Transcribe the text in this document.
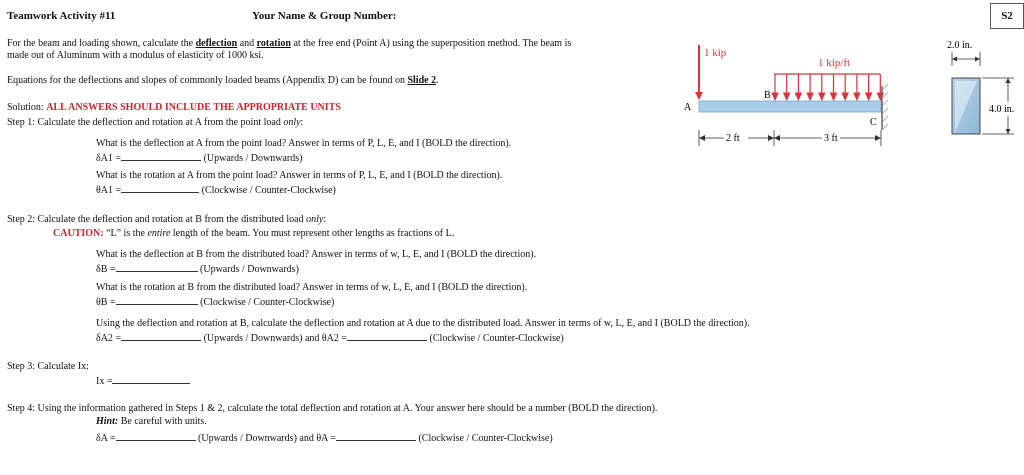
Teamwork Activity #11	Your Name & Group Number:	S2
For the beam and loading shown, calculate the deflection and rotation at the free end (Point A) using the superposition method. The beam is
made out of Aluminum with a modulus of elasticity of 1000 ksi.
Equations for the deflections and slopes of commonly loaded beams (Appendix D) can be found on Slide 2.
Solution: ALL ANSWERS SHOULD INCLUDE THE APPROPRIATE UNITS
Step 1: Calculate the deflection and rotation at A from the point load only:
What is the deflection at A from the point load? Answer in terms of P, L, E, and I (BOLD the direction).
δA1 =	(Upwards / Downwards)
What is the rotation at A from the point load? Answer in terms of P, L, E, and I (BOLD the direction).
θA1 =	(Clockwise / Counter-Clockwise)
Step 2: Calculate the deflection and rotation at B from the distributed load only:
CAUTION: “L” is the entire length of the beam. You must represent other lengths as fractions of L.
What is the deflection at B from the distributed load? Answer in terms of w, L, E, and I (BOLD the direction).
δB =	(Upwards / Downwards)
What is the rotation at B from the distributed load? Answer in terms of w, L, E, and I (BOLD the direction).
θB =	(Clockwise / Counter-Clockwise)
Using the deflection and rotation at B, calculate the deflection and rotation at A due to the distributed load. Answer in terms of w, L, E, and I (BOLD the direction).
δA2 =	(Upwards / Downwards) and θA2 =	(Clockwise / Counter-Clockwise)
Step 3: Calculate Ix:
Ix =
Step 4: Using the information gathered in Steps 1 & 2, calculate the total deflection and rotation at A. Your answer here should be a number (BOLD the direction).
Hint: Be careful with units.
δA =	(Upwards / Downwards) and θA =	(Clockwise / Counter-Clockwise)
1 kip
1 kip/ft
A
B
C
2 ft	3 ft
2.0 in.
4.0 in.
